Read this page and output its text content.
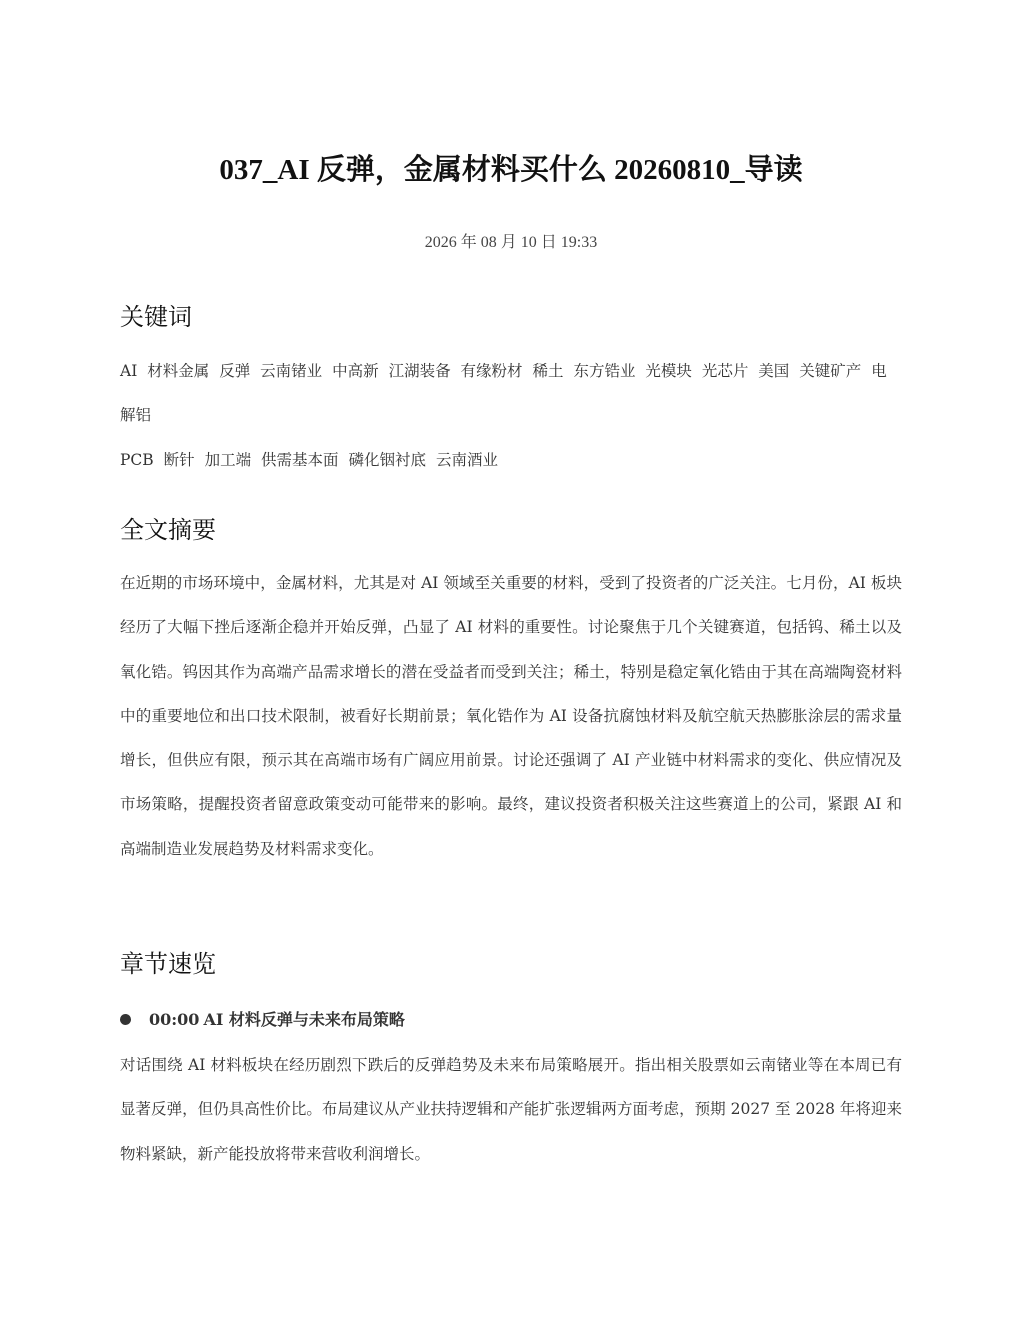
037_AI 反弹，金属材料买什么 20260810_导读
2026 年 08 月 10 日 19:33
关键词
AI 材料金属 反弹 云南锗业 中高新 江湖装备 有缘粉材 稀土 东方锆业 光模块 光芯片 美国 关键矿产 电解铝
PCB 断针 加工端 供需基本面 磷化铟衬底 云南酒业
全文摘要

在近期的市场环境中，金属材料，尤其是对 AI 领域至关重要的材料，受到了投资者的广泛关注。七月份，AI 板块经历了大幅下挫后逐渐企稳并开始反弹，凸显了 AI 材料的重要性。讨论聚焦于几个关键赛道，包括钨、稀土以及氧化锆。钨因其作为高端产品需求增长的潜在受益者而受到关注；稀土，特别是稳定氧化锆由于其在高端陶瓷材料中的重要地位和出口技术限制，被看好长期前景；氧化锆作为 AI 设备抗腐蚀材料及航空航天热膨胀涂层的需求量增长，但供应有限，预示其在高端市场有广阔应用前景。讨论还强调了 AI 产业链中材料需求的变化、供应情况及市场策略，提醒投资者留意政策变动可能带来的影响。最终，建议投资者积极关注这些赛道上的公司，紧跟 AI 和高端制造业发展趋势及材料需求变化。

章节速览
00:00 AI 材料反弹与未来布局策略

对话围绕 AI 材料板块在经历剧烈下跌后的反弹趋势及未来布局策略展开。指出相关股票如云南锗业等在本周已有显著反弹，但仍具高性价比。布局建议从产业扶持逻辑和产能扩张逻辑两方面考虑，预期 2027 至 2028 年将迎来物料紧缺，新产能投放将带来营收利润增长。
